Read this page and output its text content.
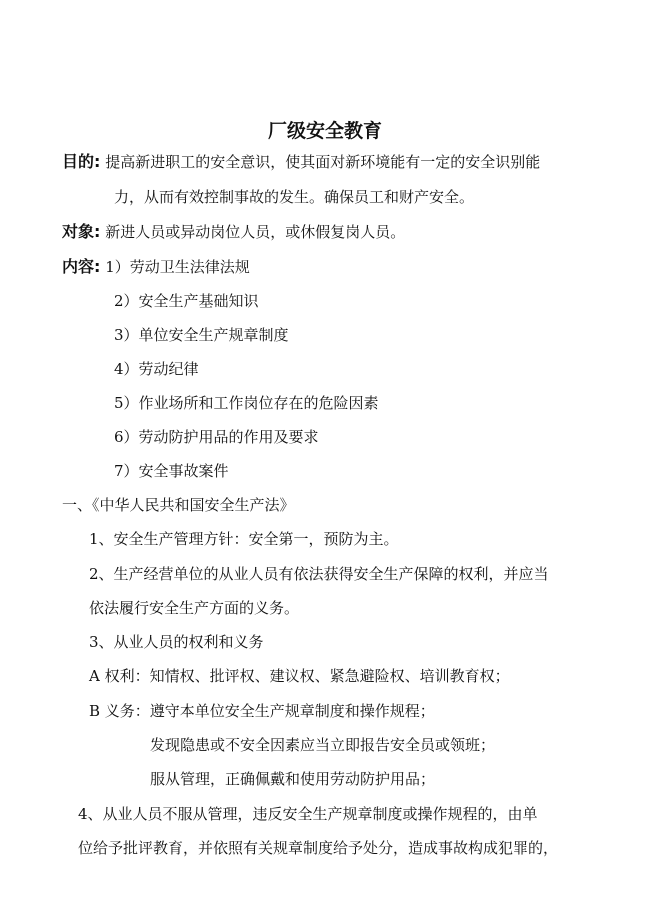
厂级安全教育
目的: 提高新进职工的安全意识，使其面对新环境能有一定的安全识别能
力，从而有效控制事故的发生。确保员工和财产安全。
对象: 新进人员或异动岗位人员，或休假复岗人员。
内容: 1）劳动卫生法律法规
2）安全生产基础知识
3）单位安全生产规章制度
4）劳动纪律
5）作业场所和工作岗位存在的危险因素
6）劳动防护用品的作用及要求
7）安全事故案件
一、《中华人民共和国安全生产法》
1、安全生产管理方针：安全第一，预防为主。
2、生产经营单位的从业人员有依法获得安全生产保障的权利，并应当
依法履行安全生产方面的义务。
3、从业人员的权利和义务
A 权利：知情权、批评权、建议权、紧急避险权、培训教育权；
B 义务：遵守本单位安全生产规章制度和操作规程；
发现隐患或不安全因素应当立即报告安全员或领班；
服从管理，正确佩戴和使用劳动防护用品；
4、从业人员不服从管理，违反安全生产规章制度或操作规程的，由单
位给予批评教育，并依照有关规章制度给予处分，造成事故构成犯罪的，
